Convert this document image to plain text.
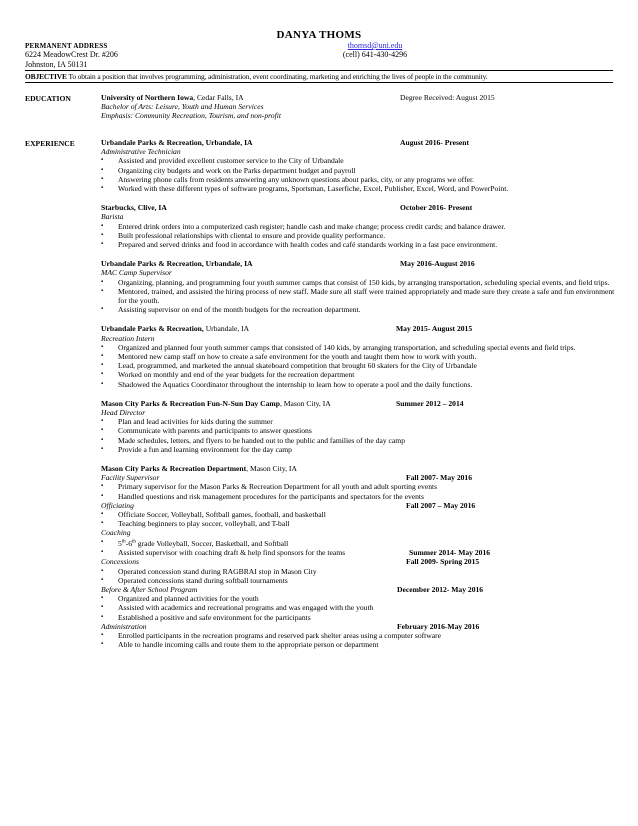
DANYA THOMS
PERMANENT ADDRESS
6224 MeadowCrest Dr. #206
Johnston, IA 50131
thomsd@uni.edu
(cell) 641-430-4296
OBJECTIVE To obtain a position that involves programming, administration, event coordinating, marketing and enriching the lives of people in the community.
EDUCATION	University of Northern Iowa, Cedar Falls, IA	Degree Received: August 2015
Bachelor of Arts: Leisure, Youth and Human Services
Emphasis: Community Recreation, Tourism, and non-profit
EXPERIENCE	Urbandale Parks & Recreation, Urbandale, IA	August 2016- Present
Administrative Technician
▪ Assisted and provided excellent customer service to the City of Urbandale
▪ Organizing city budgets and work on the Parks department budget and payroll
▪ Answering phone calls from residents answering any unknown questions about parks, city, or any programs we offer.
▪ Worked with these different types of software programs, Sportsman, Laserfiche, Excel, Publisher, Excel, Word, and PowerPoint.
Starbucks, Clive, IA	October 2016- Present
Barista
▪ Entered drink orders into a computerized cash register; handle cash and make change; process credit cards; and balance drawer.
▪ Built professional relationships with cliental to ensure and provide quality performance.
▪ Prepared and served drinks and food in accordance with health codes and café standards working in a fast pace environment.
Urbandale Parks & Recreation, Urbandale, IA	May 2016-August 2016
MAC Camp Supervisor
▪ Organizing, planning, and programming four youth summer camps that consist of 150 kids, by arranging transportation, scheduling special events, and field trips.
▪ Mentored, trained, and assisted the hiring process of new staff. Made sure all staff were trained appropriately and made sure they create a safe and fun environment for the youth.
▪ Assisting supervisor on end of the month budgets for the recreation department.
Urbandale Parks & Recreation, Urbandale, IA	May 2015- August 2015
Recreation Intern
▪ Organized and planned four youth summer camps that consisted of 140 kids, by arranging transportation, and scheduling special events and field trips.
▪ Mentored new camp staff on how to create a safe environment for the youth and taught them how to work with youth.
▪ Lead, programmed, and marketed the annual skateboard competition that brought 60 skaters for the City of Urbandale
▪ Worked on monthly and end of the year budgets for the recreation department
▪ Shadowed the Aquatics Coordinator throughout the internship to learn how to operate a pool and the daily functions.
Mason City Parks & Recreation Fun-N-Sun Day Camp, Mason City, IA	Summer 2012 – 2014
Head Director
▪ Plan and lead activities for kids during the summer
▪ Communicate with parents and participants to answer questions
▪ Made schedules, letters, and flyers to be handed out to the public and families of the day camp
▪ Provide a fun and learning environment for the day camp
Mason City Parks & Recreation Department, Mason City, IA
Facility Supervisor	Fall 2007- May 2016
▪ Primary supervisor for the Mason Parks & Recreation Department for all youth and adult sporting events
▪ Handled questions and risk management procedures for the participants and spectators for the events
Officiating	Fall 2007 – May 2016
▪ Officiate Soccer, Volleyball, Softball games, football, and basketball
▪ Teaching beginners to play soccer, volleyball, and T-ball
Coaching
▪ 5th-6th grade Volleyball, Soccer, Basketball, and Softball
▪ Assisted supervisor with coaching draft & help find sponsors for the teams	Summer 2014- May 2016
Concessions	Fall 2009- Spring 2015
▪ Operated concession stand during RAGBRAI stop in Mason City
▪ Operated concessions stand during softball tournaments
Before & After School Program	December 2012- May 2016
▪ Organized and planned activities for the youth
▪ Assisted with academics and recreational programs and was engaged with the youth
▪ Established a positive and safe environment for the participants
Administration	February 2016-May 2016
▪ Enrolled participants in the recreation programs and reserved park shelter areas using a computer software
▪ Able to handle incoming calls and route them to the appropriate person or department
